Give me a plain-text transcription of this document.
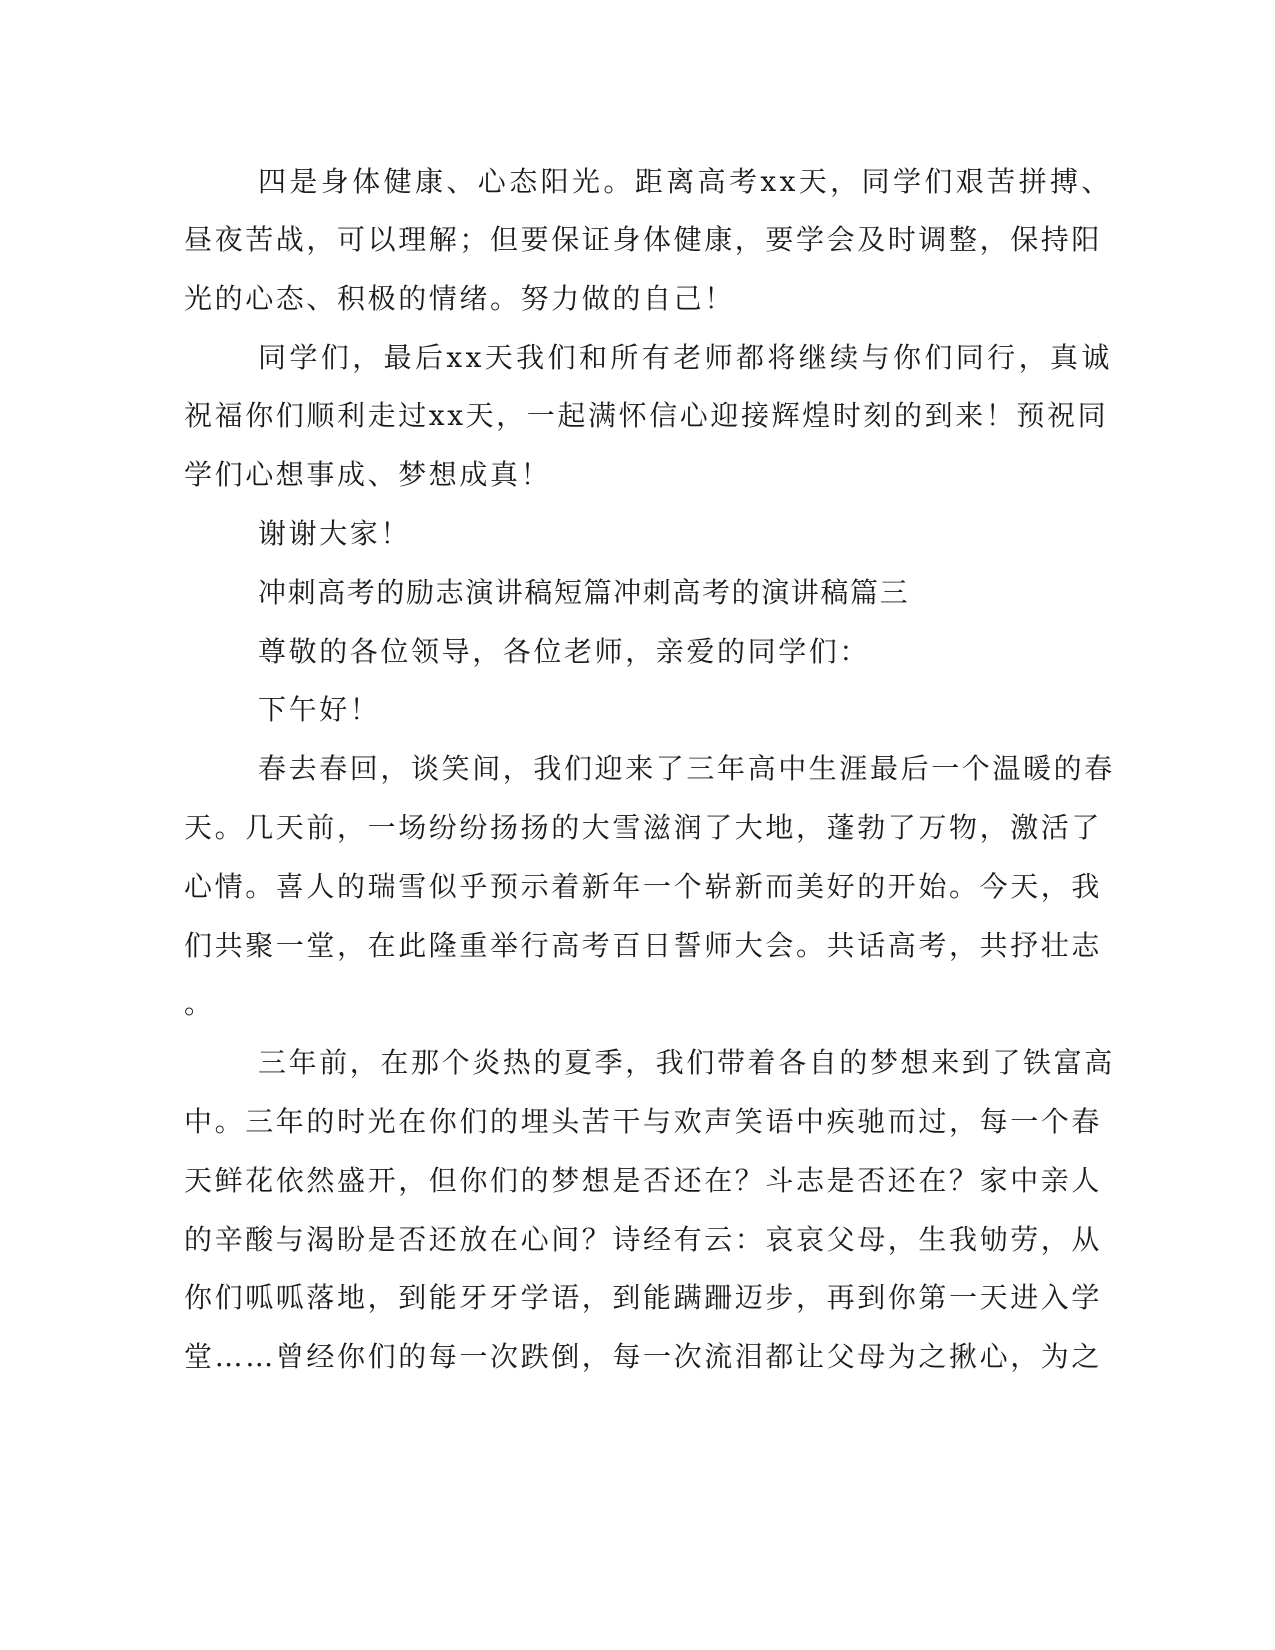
四是身体健康、心态阳光。距离高考xx天，同学们艰苦拼搏、

昼夜苦战，可以理解；但要保证身体健康，要学会及时调整，保持阳

光的心态、积极的情绪。努力做的自己！

同学们，最后xx天我们和所有老师都将继续与你们同行，真诚

祝福你们顺利走过xx天，一起满怀信心迎接辉煌时刻的到来！预祝同

学们心想事成、梦想成真！

谢谢大家！

冲刺高考的励志演讲稿短篇冲刺高考的演讲稿篇三

尊敬的各位领导，各位老师，亲爱的同学们：

下午好！

春去春回，谈笑间，我们迎来了三年高中生涯最后一个温暖的春

天。几天前，一场纷纷扬扬的大雪滋润了大地，蓬勃了万物，激活了

心情。喜人的瑞雪似乎预示着新年一个崭新而美好的开始。今天，我

们共聚一堂，在此隆重举行高考百日誓师大会。共话高考，共抒壮志

。

三年前，在那个炎热的夏季，我们带着各自的梦想来到了铁富高

中。三年的时光在你们的埋头苦干与欢声笑语中疾驰而过，每一个春

天鲜花依然盛开，但你们的梦想是否还在？斗志是否还在？家中亲人

的辛酸与渴盼是否还放在心间？诗经有云：哀哀父母，生我劬劳，从

你们呱呱落地，到能牙牙学语，到能蹒跚迈步，再到你第一天进入学

堂……曾经你们的每一次跌倒，每一次流泪都让父母为之揪心，为之
